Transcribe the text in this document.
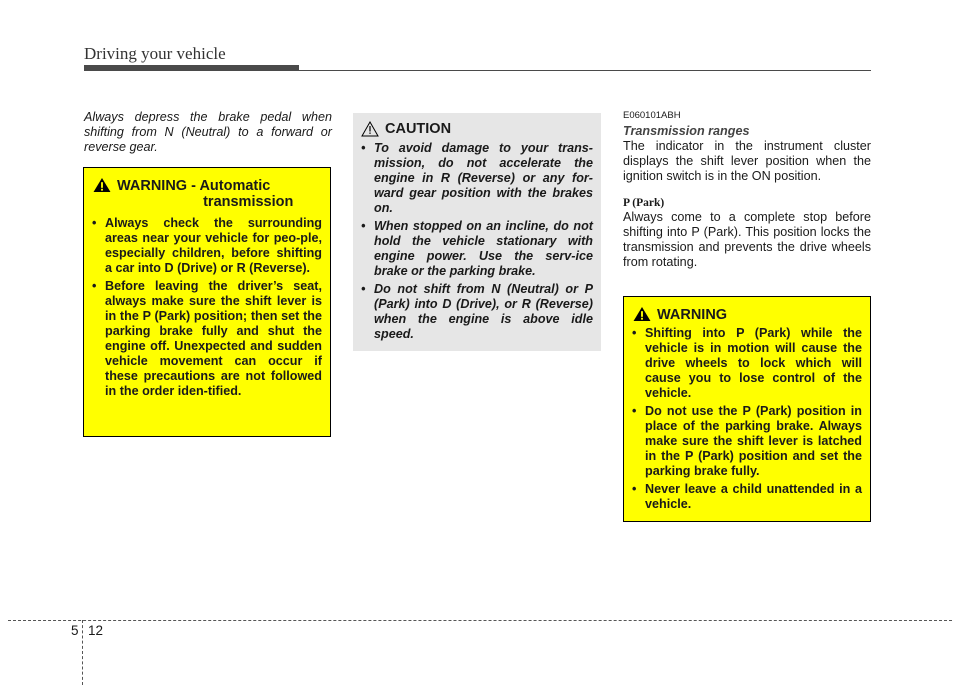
Driving your vehicle
Always depress the brake pedal when shifting from N (Neutral) to a forward or reverse gear.
WARNING - Automatic
transmission
• Always check the surrounding areas near your vehicle for peo-ple, especially children, before shifting a car into D (Drive) or R (Reverse).
• Before leaving the driver’s seat, always make sure the shift lever is in the P (Park) position; then set the parking brake fully and shut the engine off. Unexpected and sudden vehicle movement can occur if these precautions are not followed in the order iden-tified.
CAUTION
• To avoid damage to your trans-mission, do not accelerate the engine in R (Reverse) or any for-ward gear position with the brakes on.
• When stopped on an incline, do not hold the vehicle stationary with engine power. Use the serv-ice brake or the parking brake.
• Do not shift from N (Neutral) or P (Park) into D (Drive), or R (Reverse) when the engine is above idle speed.
E060101ABH
Transmission ranges
The indicator in the instrument cluster displays the shift lever position when the ignition switch is in the ON position.
P (Park)
Always come to a complete stop before shifting into P (Park). This position locks the transmission and prevents the drive wheels from rotating.
WARNING
• Shifting into P (Park) while the vehicle is in motion will cause the drive wheels to lock which will cause you to lose control of the vehicle.
• Do not use the P (Park) position in place of the parking brake. Always make sure the shift lever is latched in the P (Park) position and set the parking brake fully.
• Never leave a child unattended in a vehicle.
5 12
